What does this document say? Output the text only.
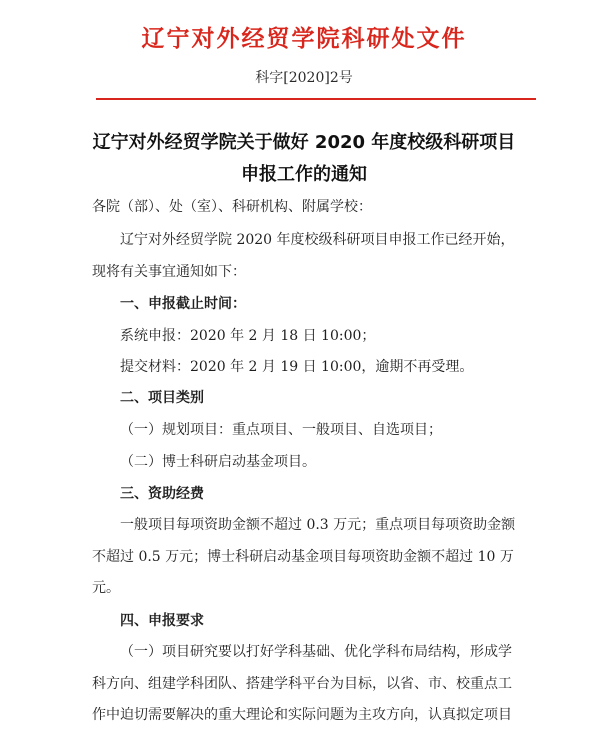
辽宁对外经贸学院科研处文件
科字[2020]2号
辽宁对外经贸学院关于做好 2020 年度校级科研项目
申报工作的通知
各院（部）、处（室）、科研机构、附属学校：
辽宁对外经贸学院 2020 年度校级科研项目申报工作已经开始，
现将有关事宜通知如下：
一、申报截止时间：
系统申报：2020 年 2 月 18 日 10:00；
提交材料：2020 年 2 月 19 日 10:00，逾期不再受理。
二、项目类别
（一）规划项目：重点项目、一般项目、自选项目；
（二）博士科研启动基金项目。
三、资助经费
一般项目每项资助金额不超过 0.3 万元；重点项目每项资助金额
不超过 0.5 万元；博士科研启动基金项目每项资助金额不超过 10 万
元。
四、申报要求
（一）项目研究要以打好学科基础、优化学科布局结构，形成学
科方向、组建学科团队、搭建学科平台为目标，以省、市、校重点工
作中迫切需要解决的重大理论和实际问题为主攻方向，认真拟定项目
